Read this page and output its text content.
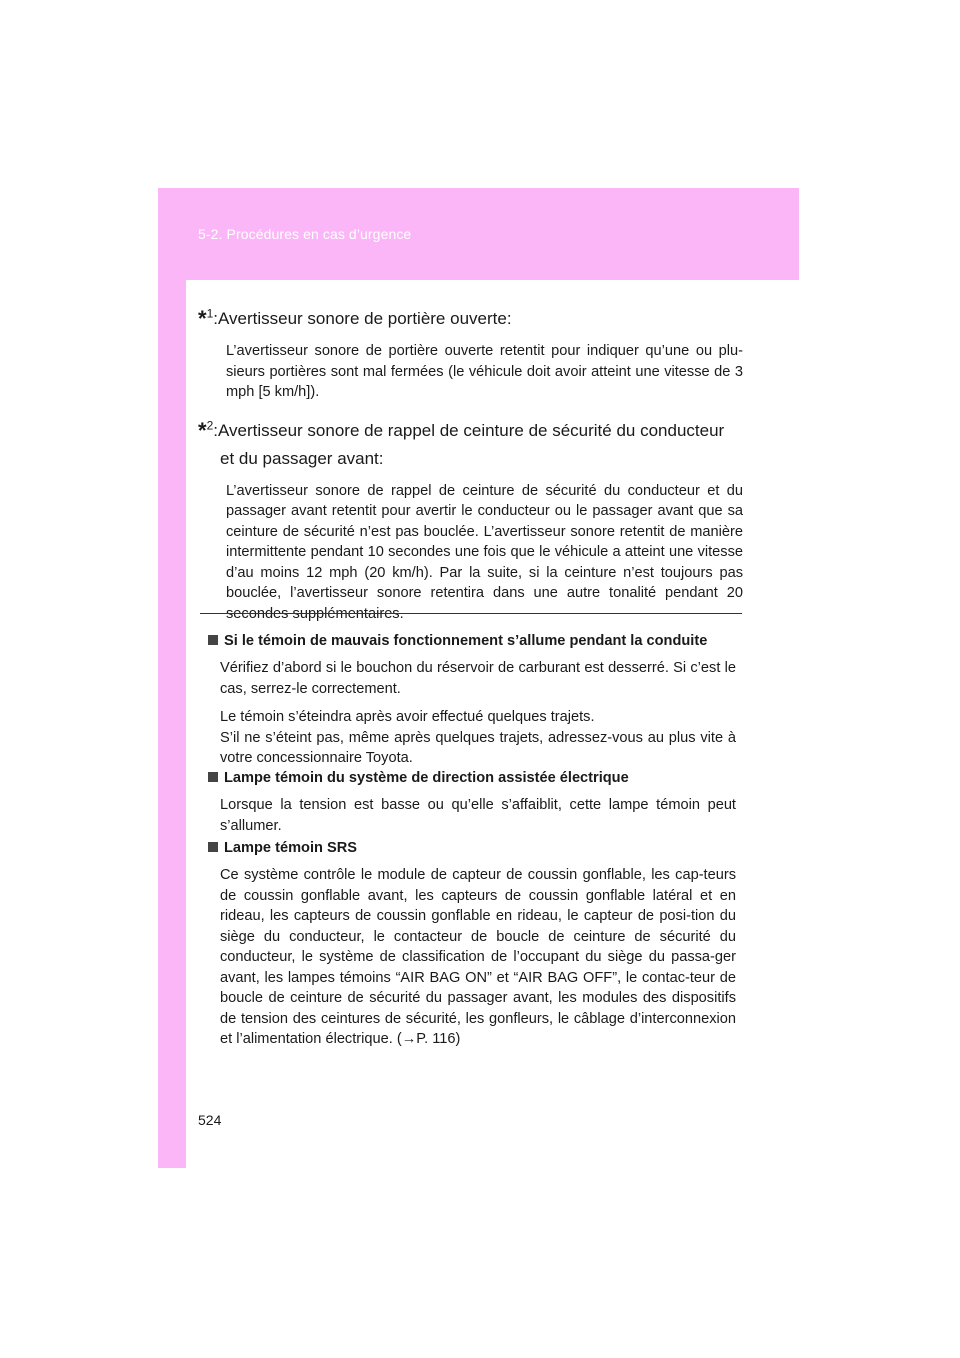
5-2. Procédures en cas d’urgence

*$^1$:Avertisseur sonore de portière ouverte:

L’avertisseur sonore de portière ouverte retentit pour indiquer qu’une ou plu-sieurs portières sont mal fermées (le véhicule doit avoir atteint une vitesse de 3 mph [5 km/h]).

*$^2$:Avertisseur sonore de rappel de ceinture de sécurité du conducteur
et du passager avant:

L’avertisseur sonore de rappel de ceinture de sécurité du conducteur et du passager avant retentit pour avertir le conducteur ou le passager avant que sa ceinture de sécurité n’est pas bouclée. L’avertisseur sonore retentit de manière intermittente pendant 10 secondes une fois que le véhicule a atteint une vitesse d’au moins 12 mph (20 km/h). Par la suite, si la ceinture n’est toujours pas bouclée, l’avertisseur sonore retentira dans une autre tonalité pendant 20 secondes supplémentaires.

Si le témoin de mauvais fonctionnement s’allume pendant la conduite

Vérifiez d’abord si le bouchon du réservoir de carburant est desserré. Si c’est le cas, serrez-le correctement.

Le témoin s’éteindra après avoir effectué quelques trajets.

S’il ne s’éteint pas, même après quelques trajets, adressez-vous au plus vite à votre concessionnaire Toyota.

Lampe témoin du système de direction assistée électrique

Lorsque la tension est basse ou qu’elle s’affaiblit, cette lampe témoin peut s’allumer.

Lampe témoin SRS

Ce système contrôle le module de capteur de coussin gonflable, les cap-teurs de coussin gonflable avant, les capteurs de coussin gonflable latéral et en rideau, les capteurs de coussin gonflable en rideau, le capteur de posi-tion du siège du conducteur, le contacteur de boucle de ceinture de sécurité du conducteur, le système de classification de l’occupant du siège du passa-ger avant, les lampes témoins “AIR BAG ON” et “AIR BAG OFF”, le contac-teur de boucle de ceinture de sécurité du passager avant, les modules des dispositifs de tension des ceintures de sécurité, les gonfleurs, le câblage d’interconnexion et l’alimentation électrique. (→P. 116)

524
